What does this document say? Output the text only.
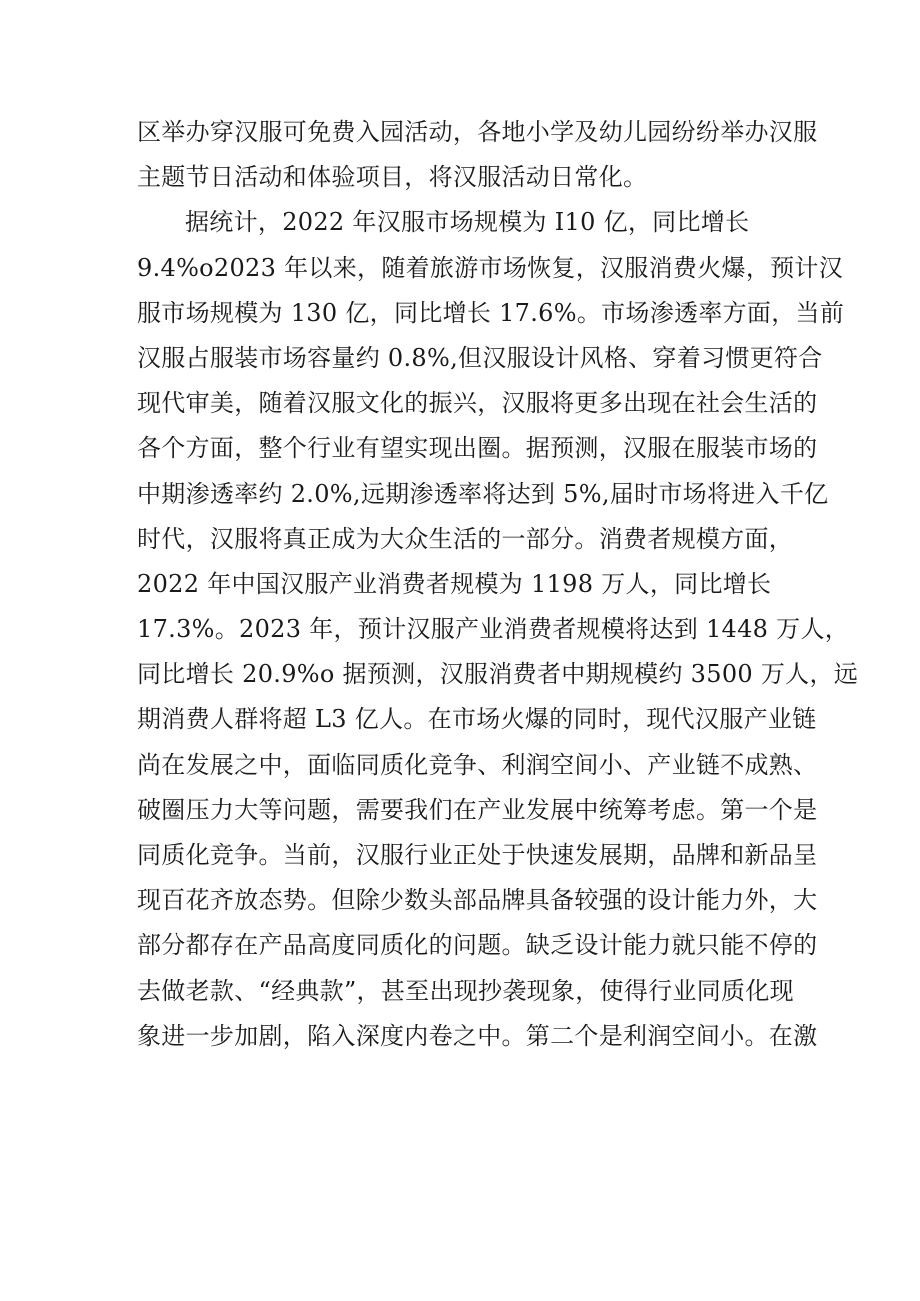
区举办穿汉服可免费入园活动，各地小学及幼儿园纷纷举办汉服
主题节日活动和体验项目，将汉服活动日常化。
据统计，2022 年汉服市场规模为 I10 亿，同比增长
9.4%o2023 年以来，随着旅游市场恢复，汉服消费火爆，预计汉
服市场规模为 130 亿，同比增长 17.6%。市场渗透率方面，当前
汉服占服装市场容量约 0.8%,但汉服设计风格、穿着习惯更符合
现代审美，随着汉服文化的振兴，汉服将更多出现在社会生活的
各个方面，整个行业有望实现出圈。据预测，汉服在服装市场的
中期渗透率约 2.0%,远期渗透率将达到 5%,届时市场将进入千亿
时代，汉服将真正成为大众生活的一部分。消费者规模方面，
2022 年中国汉服产业消费者规模为 1198 万人，同比增长
17.3%。2023 年，预计汉服产业消费者规模将达到 1448 万人，
同比增长 20.9%o 据预测，汉服消费者中期规模约 3500 万人，远
期消费人群将超 L3 亿人。在市场火爆的同时，现代汉服产业链
尚在发展之中，面临同质化竞争、利润空间小、产业链不成熟、
破圈压力大等问题，需要我们在产业发展中统筹考虑。第一个是
同质化竞争。当前，汉服行业正处于快速发展期，品牌和新品呈
现百花齐放态势。但除少数头部品牌具备较强的设计能力外，大
部分都存在产品高度同质化的问题。缺乏设计能力就只能不停的
去做老款、“经典款”，甚至出现抄袭现象，使得行业同质化现
象进一步加剧，陷入深度内卷之中。第二个是利润空间小。在激
